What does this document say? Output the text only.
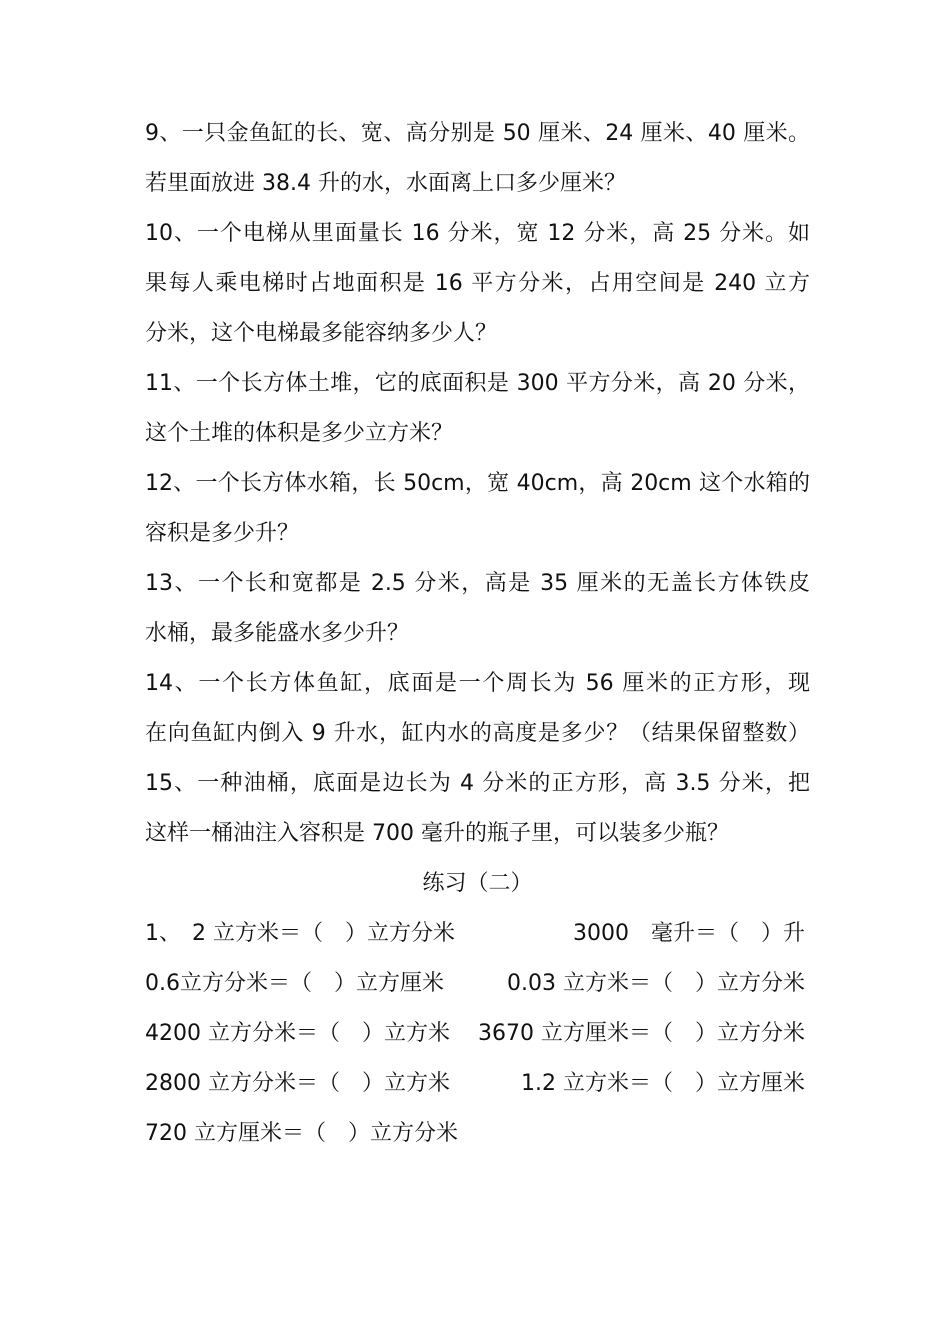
9、一只金鱼缸的长、宽、高分别是 50 厘米、24 厘米、40 厘米。
若里面放进 38.4 升的水，水面离上口多少厘米？
10、一个电梯从里面量长 16 分米，宽 12 分米，高 25 分米。如
果每人乘电梯时占地面积是 16 平方分米，占用空间是 240 立方
分米，这个电梯最多能容纳多少人？
11、一个长方体土堆，它的底面积是 300 平方分米，高 20 分米，
这个土堆的体积是多少立方米？
12、一个长方体水箱，长 50cm，宽 40cm，高 20cm 这个水箱的
容积是多少升？
13、一个长和宽都是 2.5 分米，高是 35 厘米的无盖长方体铁皮
水桶，最多能盛水多少升？
14、一个长方体鱼缸，底面是一个周长为 56 厘米的正方形，现
在向鱼缸内倒入 9 升水，缸内水的高度是多少？（结果保留整数）
15、一种油桶，底面是边长为 4 分米的正方形，高 3.5 分米，把
这样一桶油注入容积是 700 毫升的瓶子里，可以装多少瓶？
练习（二）
1、　2 立方米＝（　）立方分米	3000　毫升＝（　）升
0.6立方分米＝（　）立方厘米	0.03 立方米＝（　）立方分米
4200 立方分米＝（　）立方米 3670 立方厘米＝（　）立方分米
2800 立方分米＝（　）立方米	1.2 立方米＝（　）立方厘米
720 立方厘米＝（　）立方分米
